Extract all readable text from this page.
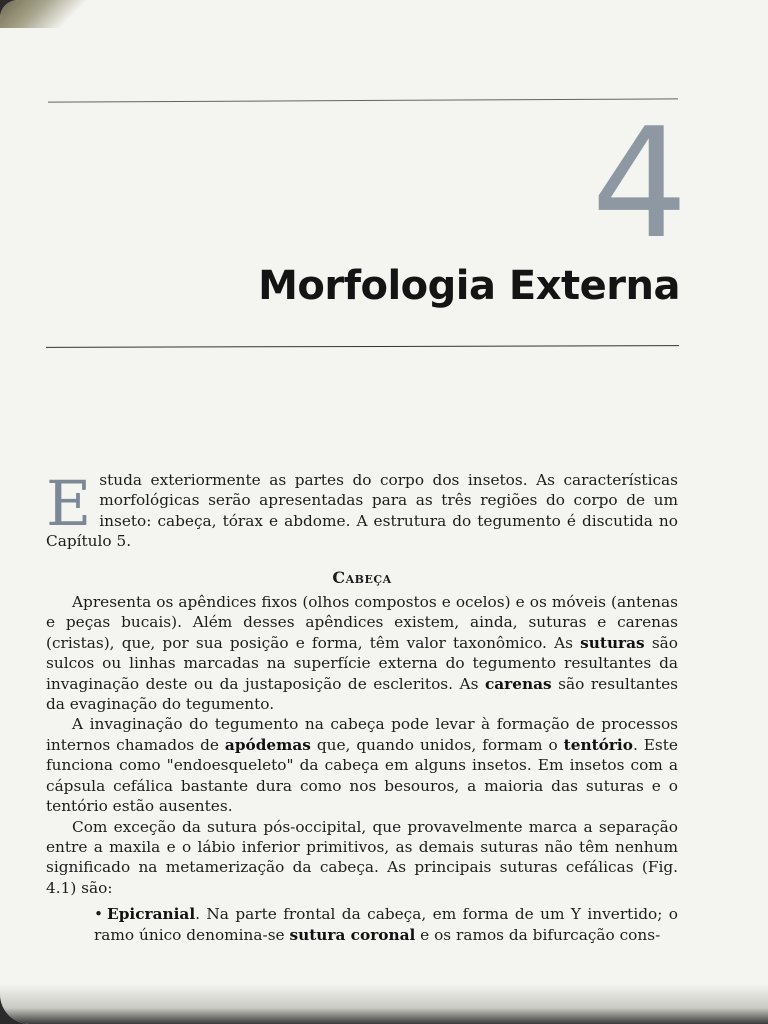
4
Morfologia Externa

Estuda exteriormente as partes do corpo dos insetos. As características morfológicas serão apresentadas para as três regiões do corpo de um inseto: cabeça, tórax e abdome. A estrutura do tegumento é discutida no Capítulo 5.

Cabeça

Apresenta os apêndices fixos (olhos compostos e ocelos) e os móveis (antenas e peças bucais). Além desses apêndices existem, ainda, suturas e carenas (cristas), que, por sua posição e forma, têm valor taxonômico. As suturas são sulcos ou linhas marcadas na superfície externa do tegumento resultantes da invaginação deste ou da justaposição de escleritos. As carenas são resultantes da evaginação do tegumento.

A invaginação do tegumento na cabeça pode levar à formação de processos internos chamados de apódemas que, quando unidos, formam o tentório. Este funciona como "endoesqueleto" da cabeça em alguns insetos. Em insetos com a cápsula cefálica bastante dura como nos besouros, a maioria das suturas e o tentório estão ausentes.

Com exceção da sutura pós-occipital, que provavelmente marca a separação entre a maxila e o lábio inferior primitivos, as demais suturas não têm nenhum significado na metamerização da cabeça. As principais suturas cefálicas (Fig. 4.1) são:

• Epicranial. Na parte frontal da cabeça, em forma de um Y invertido; o ramo único denomina-se sutura coronal e os ramos da bifurcação cons-
